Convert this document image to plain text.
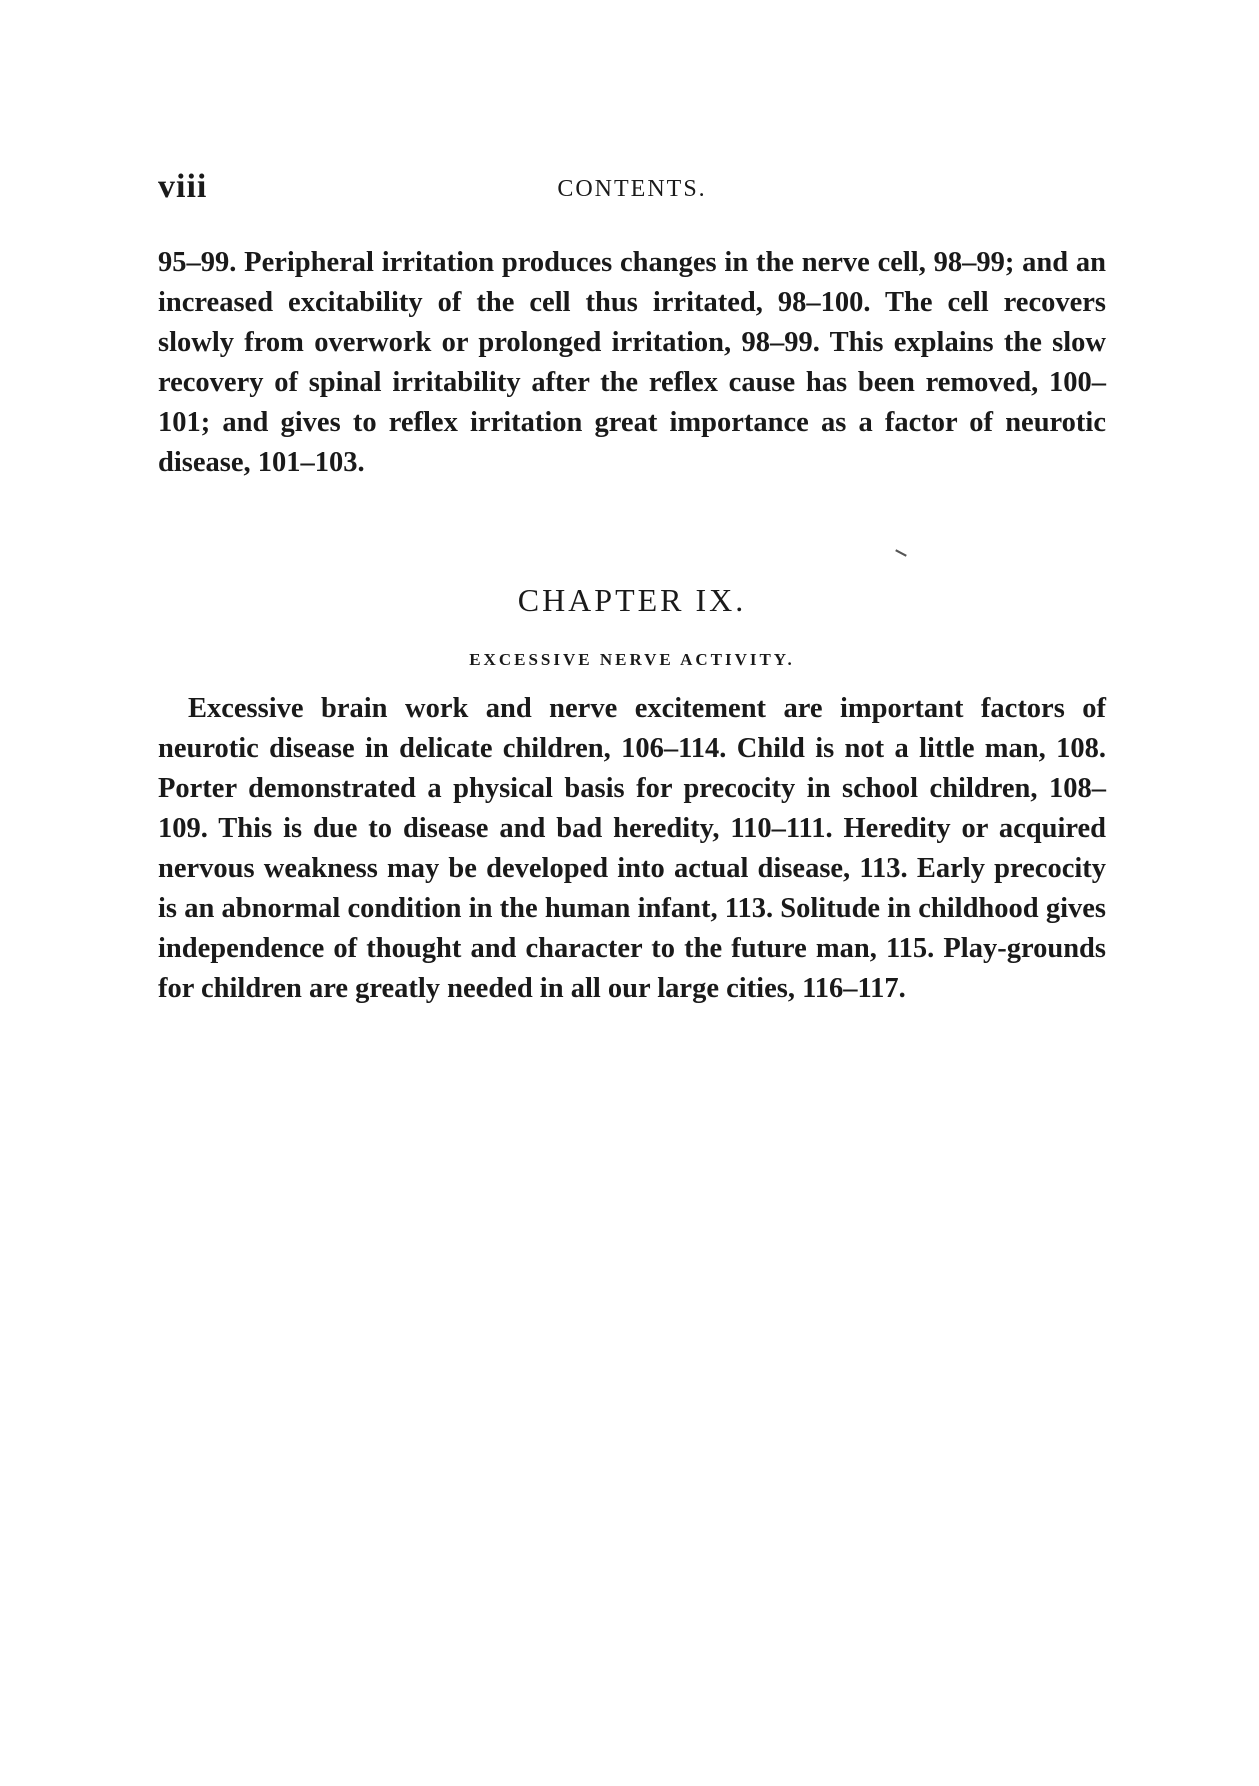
viii	CONTENTS.

95–99. Peripheral irritation produces changes in the nerve cell, 98–99; and an increased excitability of the cell thus irritated, 98–100. The cell recovers slowly from overwork or prolonged irritation, 98–99. This explains the slow recovery of spinal irritability after the reflex cause has been removed, 100–101; and gives to reflex irritation great importance as a factor of neurotic disease, 101–103.

CHAPTER IX.
EXCESSIVE NERVE ACTIVITY.

Excessive brain work and nerve excitement are important factors of neurotic disease in delicate children, 106–114. Child is not a little man, 108. Porter demonstrated a physical basis for precocity in school children, 108–109. This is due to disease and bad heredity, 110–111. Heredity or acquired nervous weakness may be developed into actual disease, 113. Early precocity is an abnormal condition in the human infant, 113. Solitude in childhood gives independence of thought and character to the future man, 115. Play-grounds for children are greatly needed in all our large cities, 116–117.
